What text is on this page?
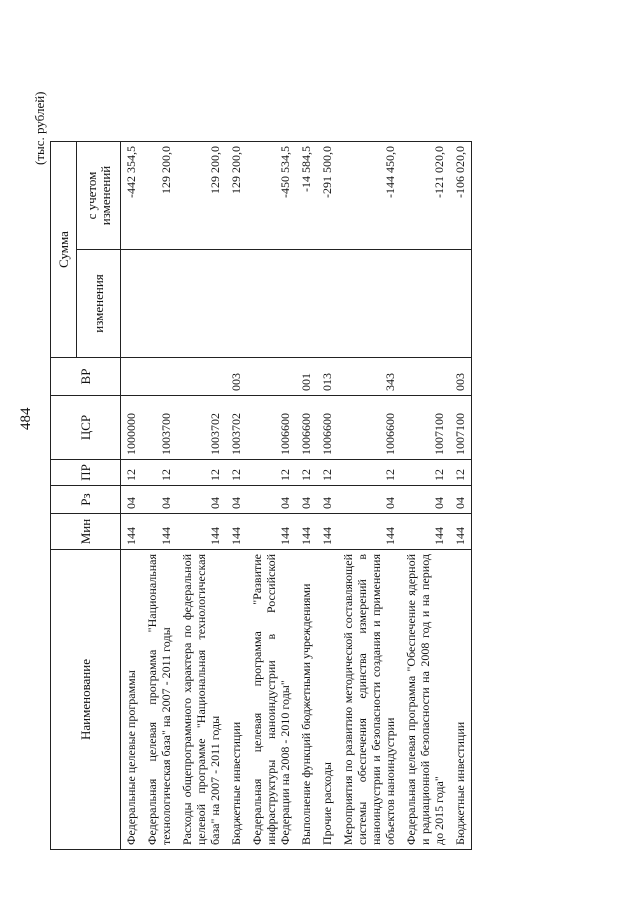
484
(тыс. рублей)
Наименование	Мин	Рз	ПР	ЦСР	ВР	Сумма	
						изменения	с учетом изменений
Федеральные целевые программы	144	04	12	1000000			-442 354,5
Федеральная целевая программа "Национальная технологическая база" на 2007 - 2011 годы	144	04	12	1003700			129 200,0
Расходы общепрограммного характера по федеральной целевой программе "Национальная технологическая база" на 2007 - 2011 годы	144	04	12	1003702			129 200,0
Бюджетные инвестиции	144	04	12	1003702	003		129 200,0
Федеральная целевая программа "Развитие инфраструктуры наноиндустрии в Российской Федерации на 2008 - 2010 годы"	144	04	12	1006600			-450 534,5
Выполнение функций бюджетными учреждениями	144	04	12	1006600	001		-14 584,5
Прочие расходы	144	04	12	1006600	013		-291 500,0
Мероприятия по развитию методической составляющей системы обеспечения единства измерений в наноиндустрии и безопасности создания и применения объектов наноиндустрии	144	04	12	1006600	343		-144 450,0
Федеральная целевая программа "Обеспечение ядерной и радиационной безопасности на 2008 год и на период до 2015 года"	144	04	12	1007100			-121 020,0
Бюджетные инвестиции	144	04	12	1007100	003		-106 020,0
